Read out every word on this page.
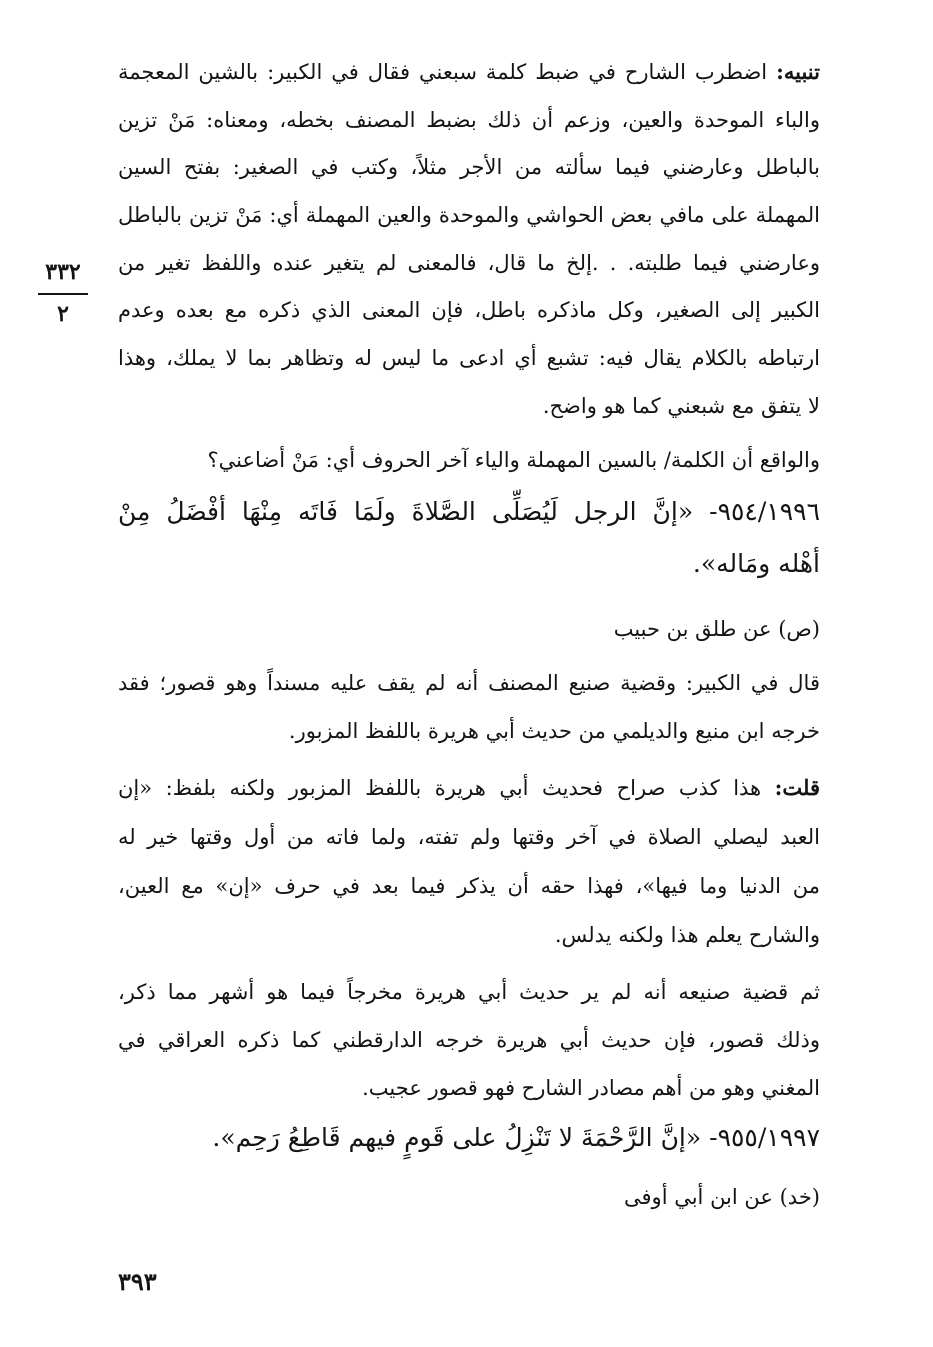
٣٣٢
٢
تنبيه: اضطرب الشارح في ضبط كلمة سبعني فقال في الكبير: بالشين المعجمة
والباء الموحدة والعين، وزعم أن ذلك بضبط المصنف بخطه، ومعناه: مَنْ تزين
بالباطل وعارضني فيما سألته من الأجر مثلاً، وكتب في الصغير: بفتح السين
المهملة على مافي بعض الحواشي والموحدة والعين المهملة أي: مَنْ تزين بالباطل
وعارضني فيما طلبته. . .إلخ ما قال، فالمعنى لم يتغير عنده واللفظ تغير من
الكبير إلى الصغير، وكل ماذكره باطل، فإن المعنى الذي ذكره مع بعده وعدم
ارتباطه بالكلام يقال فيه: تشبع أي ادعى ما ليس له وتظاهر بما لا يملك، وهذا
لا يتفق مع شبعني كما هو واضح.
والواقع أن الكلمة/ بالسين المهملة والياء آخر الحروف أي: مَنْ أضاعني؟
٩٥٤/١٩٩٦- «إنَّ الرجل لَيُصَلِّى الصَّلاةَ ولَمَا فَاتَه مِنْهَا أفْضَلُ مِنْ
أهْله ومَاله».
(ص) عن طلق بن حبيب
قال في الكبير: وقضية صنيع المصنف أنه لم يقف عليه مسنداً وهو قصور؛ فقد
خرجه ابن منيع والديلمي من حديث أبي هريرة باللفظ المزبور.
قلت: هذا كذب صراح فحديث أبي هريرة باللفظ المزبور ولكنه بلفظ: «إن
العبد ليصلي الصلاة في آخر وقتها ولم تفته، ولما فاته من أول وقتها خير له
من الدنيا وما فيها»، فهذا حقه أن يذكر فيما بعد في حرف «إن» مع العين،
والشارح يعلم هذا ولكنه يدلس.
ثم قضية صنيعه أنه لم ير حديث أبي هريرة مخرجاً فيما هو أشهر مما ذكر،
وذلك قصور، فإن حديث أبي هريرة خرجه الدارقطني كما ذكره العراقي في
المغني وهو من أهم مصادر الشارح فهو قصور عجيب.
٩٥٥/١٩٩٧- «إنَّ الرَّحْمَةَ لا تَنْزِلُ على قَومٍ فيهم قَاطِعُ رَحِم».
(خد) عن ابن أبي أوفى
٣٩٣
